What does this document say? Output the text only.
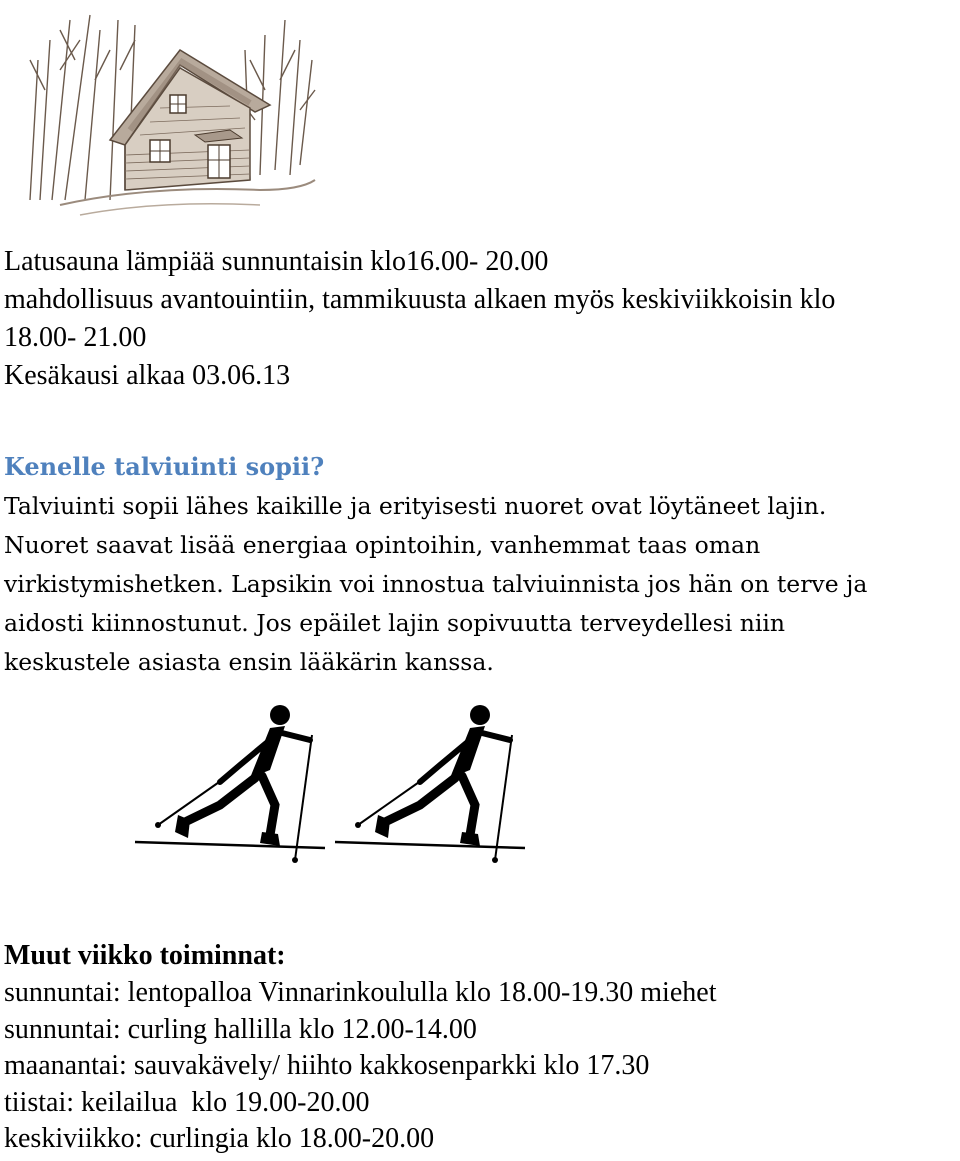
Latusauna lämpiää sunnuntaisin klo16.00- 20.00
mahdollisuus avantouintiin, tammikuusta alkaen myös keskiviikkoisin klo
18.00- 21.00
Kesäkausi alkaa 03.06.13
Kenelle talviuinti sopii?
Talviuinti sopii lähes kaikille ja erityisesti nuoret ovat löytäneet lajin.
Nuoret saavat lisää energiaa opintoihin, vanhemmat taas oman
virkistymishetken. Lapsikin voi innostua talviuinnista jos hän on terve ja
aidosti kiinnostunut. Jos epäilet lajin sopivuutta terveydellesi niin
keskustele asiasta ensin lääkärin kanssa.
Muut viikko toiminnat:
sunnuntai: lentopalloa Vinnarinkoululla klo 18.00-19.30 miehet
sunnuntai: curling hallilla klo 12.00-14.00
maanantai: sauvakävely/ hiihto kakkosenparkki klo 17.30
tiistai: keilailua  klo 19.00-20.00
keskiviikko: curlingia klo 18.00-20.00
